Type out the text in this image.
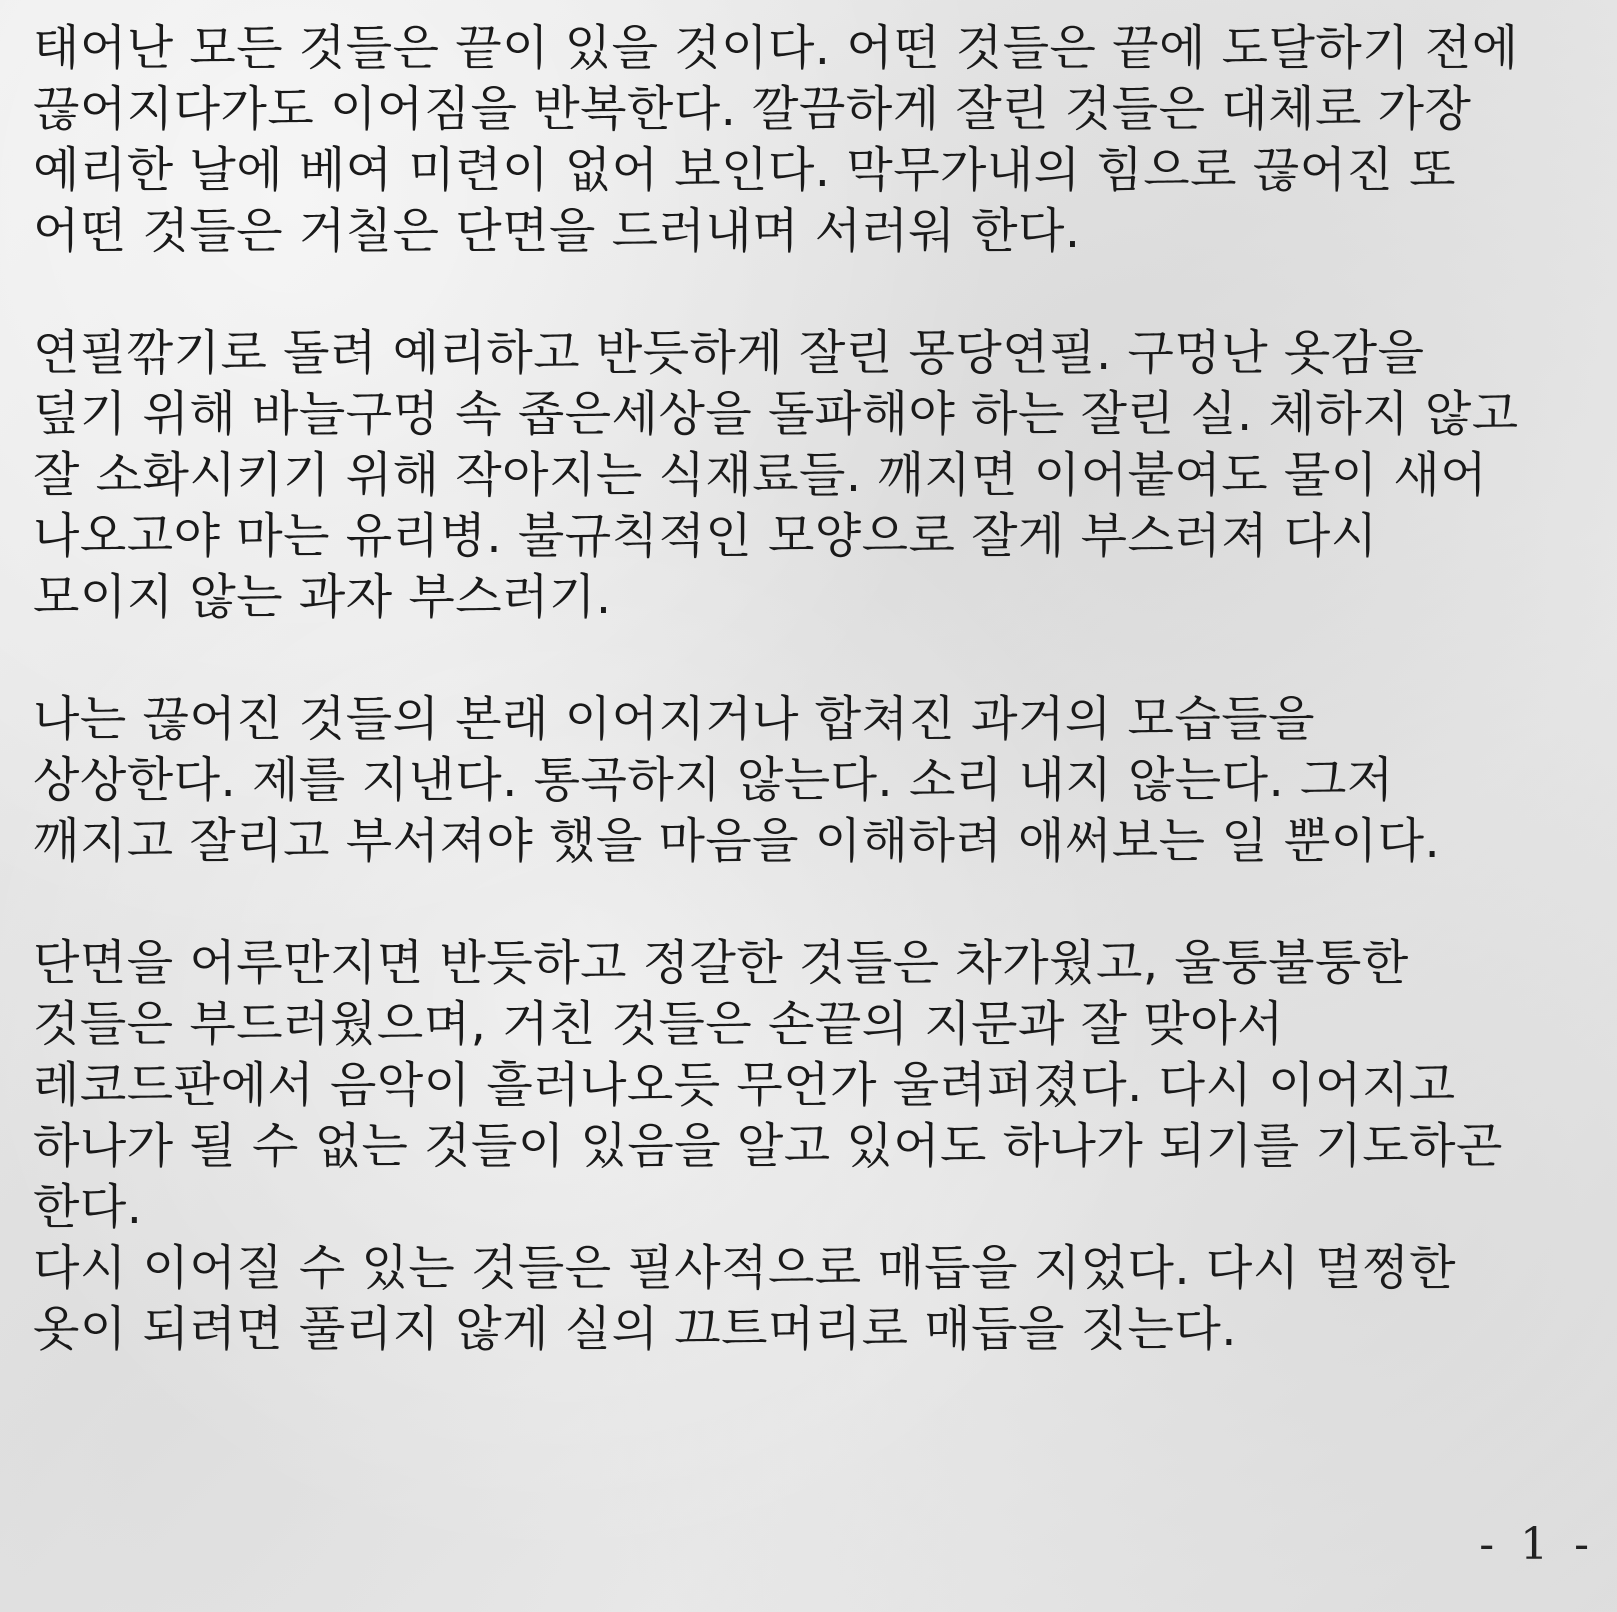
태어난 모든 것들은 끝이 있을 것이다. 어떤 것들은 끝에 도달하기 전에
끊어지다가도 이어짐을 반복한다. 깔끔하게 잘린 것들은 대체로 가장
예리한 날에 베여 미련이 없어 보인다. 막무가내의 힘으로 끊어진 또
어떤 것들은 거칠은 단면을 드러내며 서러워 한다.

연필깎기로 돌려 예리하고 반듯하게 잘린 몽당연필. 구멍난 옷감을
덮기 위해 바늘구멍 속 좁은세상을 돌파해야 하는 잘린 실. 체하지 않고
잘 소화시키기 위해 작아지는 식재료들. 깨지면 이어붙여도 물이 새어
나오고야 마는 유리병. 불규칙적인 모양으로 잘게 부스러져 다시
모이지 않는 과자 부스러기.

나는 끊어진 것들의 본래 이어지거나 합쳐진 과거의 모습들을
상상한다. 제를 지낸다. 통곡하지 않는다. 소리 내지 않는다. 그저
깨지고 잘리고 부서져야 했을 마음을 이해하려 애써보는 일 뿐이다.

단면을 어루만지면 반듯하고 정갈한 것들은 차가웠고, 울퉁불퉁한
것들은 부드러웠으며, 거친 것들은 손끝의 지문과 잘 맞아서
레코드판에서 음악이 흘러나오듯 무언가 울려퍼졌다. 다시 이어지고
하나가 될 수 없는 것들이 있음을 알고 있어도 하나가 되기를 기도하곤
한다.
다시 이어질 수 있는 것들은 필사적으로 매듭을 지었다. 다시 멀쩡한
옷이 되려면 풀리지 않게 실의 끄트머리로 매듭을 짓는다.

- 1 -
